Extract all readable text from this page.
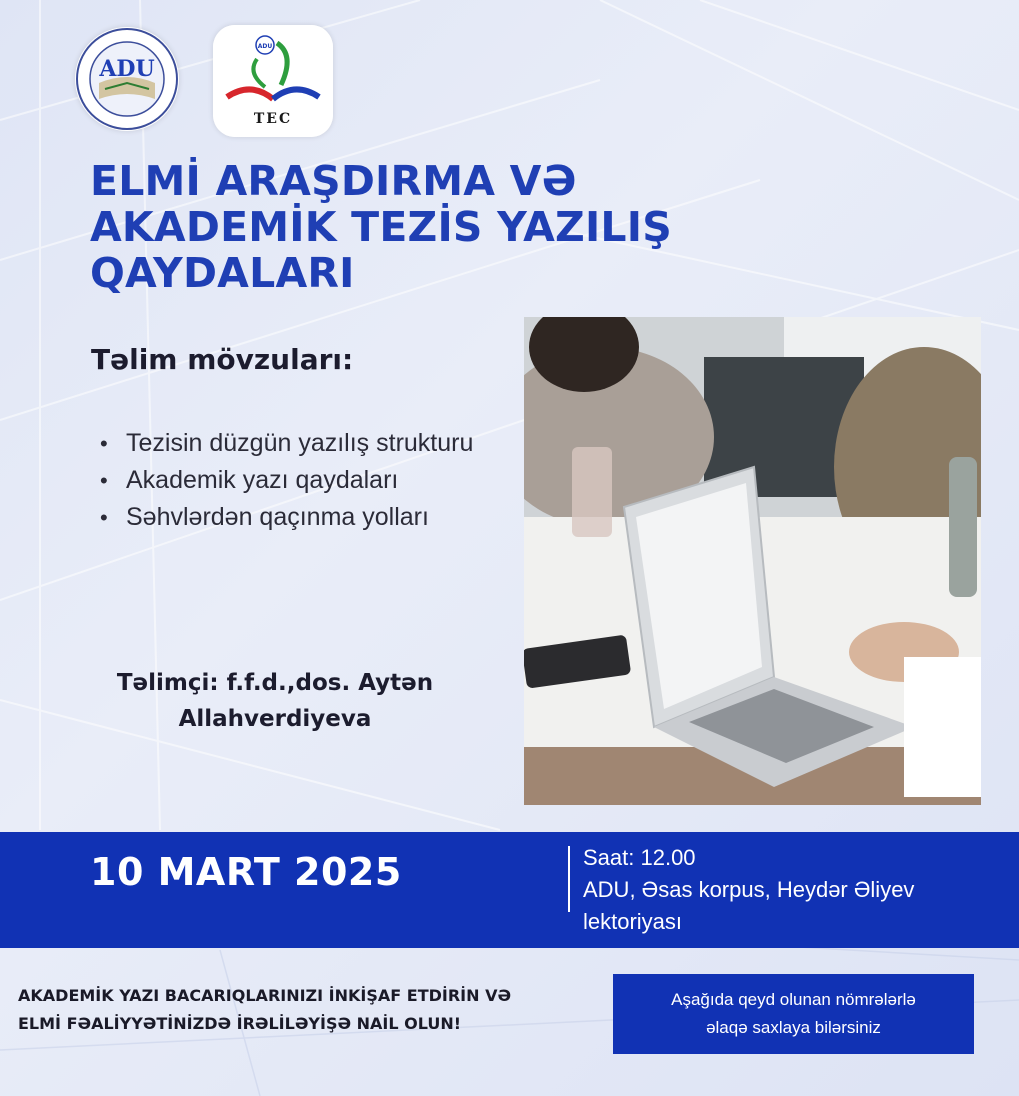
ADU
ADU
TEC
ELMİ ARAŞDIRMA VƏ
AKADEMİK TEZİS YAZILIŞ
QAYDALARI
Təlim mövzuları:
• Tezisin düzgün yazılış strukturu
• Akademik yazı qaydaları
• Səhvlərdən qaçınma yolları

Təlimçi: f.f.d.,dos. Aytən Allahverdiyeva

10 MART 2025	Saat: 12.00
ADU, Əsas korpus, Heydər Əliyev
lektoriyası

AKADEMİK YAZI BACARIQLARINIZI İNKİŞAF ETDİRİN VƏ
ELMİ FƏALİYYƏTİNİZDƏ İRƏLİLƏYİŞƏ NAİL OLUN!

Aşağıda qeyd olunan nömrələrlə
əlaqə saxlaya bilərsiniz
